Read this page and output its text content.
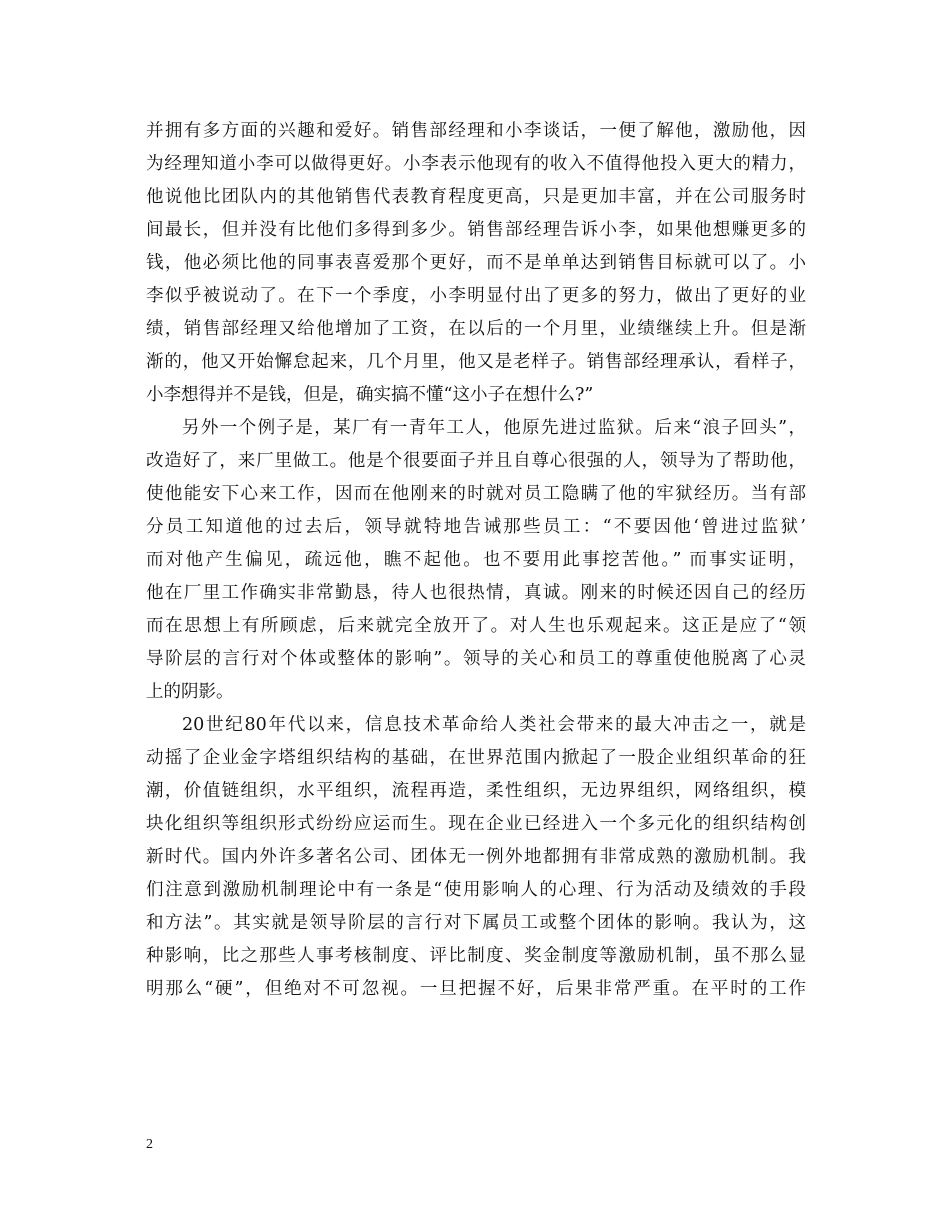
并拥有多方面的兴趣和爱好。销售部经理和小李谈话，一便了解他，激励他，因
为经理知道小李可以做得更好。小李表示他现有的收入不值得他投入更大的精力，
他说他比团队内的其他销售代表教育程度更高，只是更加丰富，并在公司服务时
间最长，但并没有比他们多得到多少。销售部经理告诉小李，如果他想赚更多的
钱，他必须比他的同事表喜爱那个更好，而不是单单达到销售目标就可以了。小
李似乎被说动了。在下一个季度，小李明显付出了更多的努力，做出了更好的业
绩，销售部经理又给他增加了工资，在以后的一个月里，业绩继续上升。但是渐
渐的，他又开始懈怠起来，几个月里，他又是老样子。销售部经理承认，看样子，
小李想得并不是钱，但是，确实搞不懂“这小子在想什么?”
另外一个例子是，某厂有一青年工人，他原先进过监狱。后来“浪子回头”，
改造好了，来厂里做工。他是个很要面子并且自尊心很强的人，领导为了帮助他，
使他能安下心来工作，因而在他刚来的时就对员工隐瞒了他的牢狱经历。当有部
分员工知道他的过去后，领导就特地告诫那些员工：“不要因他‘曾进过监狱’
而对他产生偏见，疏远他，瞧不起他。也不要用此事挖苦他。” 而事实证明，
他在厂里工作确实非常勤恳，待人也很热情，真诚。刚来的时候还因自己的经历
而在思想上有所顾虑，后来就完全放开了。对人生也乐观起来。这正是应了“领
导阶层的言行对个体或整体的影响”。领导的关心和员工的尊重使他脱离了心灵
上的阴影。
20世纪80年代以来，信息技术革命给人类社会带来的最大冲击之一，就是
动摇了企业金字塔组织结构的基础，在世界范围内掀起了一股企业组织革命的狂
潮，价值链组织，水平组织，流程再造，柔性组织，无边界组织，网络组织，模
块化组织等组织形式纷纷应运而生。现在企业已经进入一个多元化的组织结构创
新时代。国内外许多著名公司、团体无一例外地都拥有非常成熟的激励机制。我
们注意到激励机制理论中有一条是“使用影响人的心理、行为活动及绩效的手段
和方法”。其实就是领导阶层的言行对下属员工或整个团体的影响。我认为，这
种影响，比之那些人事考核制度、评比制度、奖金制度等激励机制，虽不那么显
明那么“硬”，但绝对不可忽视。一旦把握不好，后果非常严重。在平时的工作
2
